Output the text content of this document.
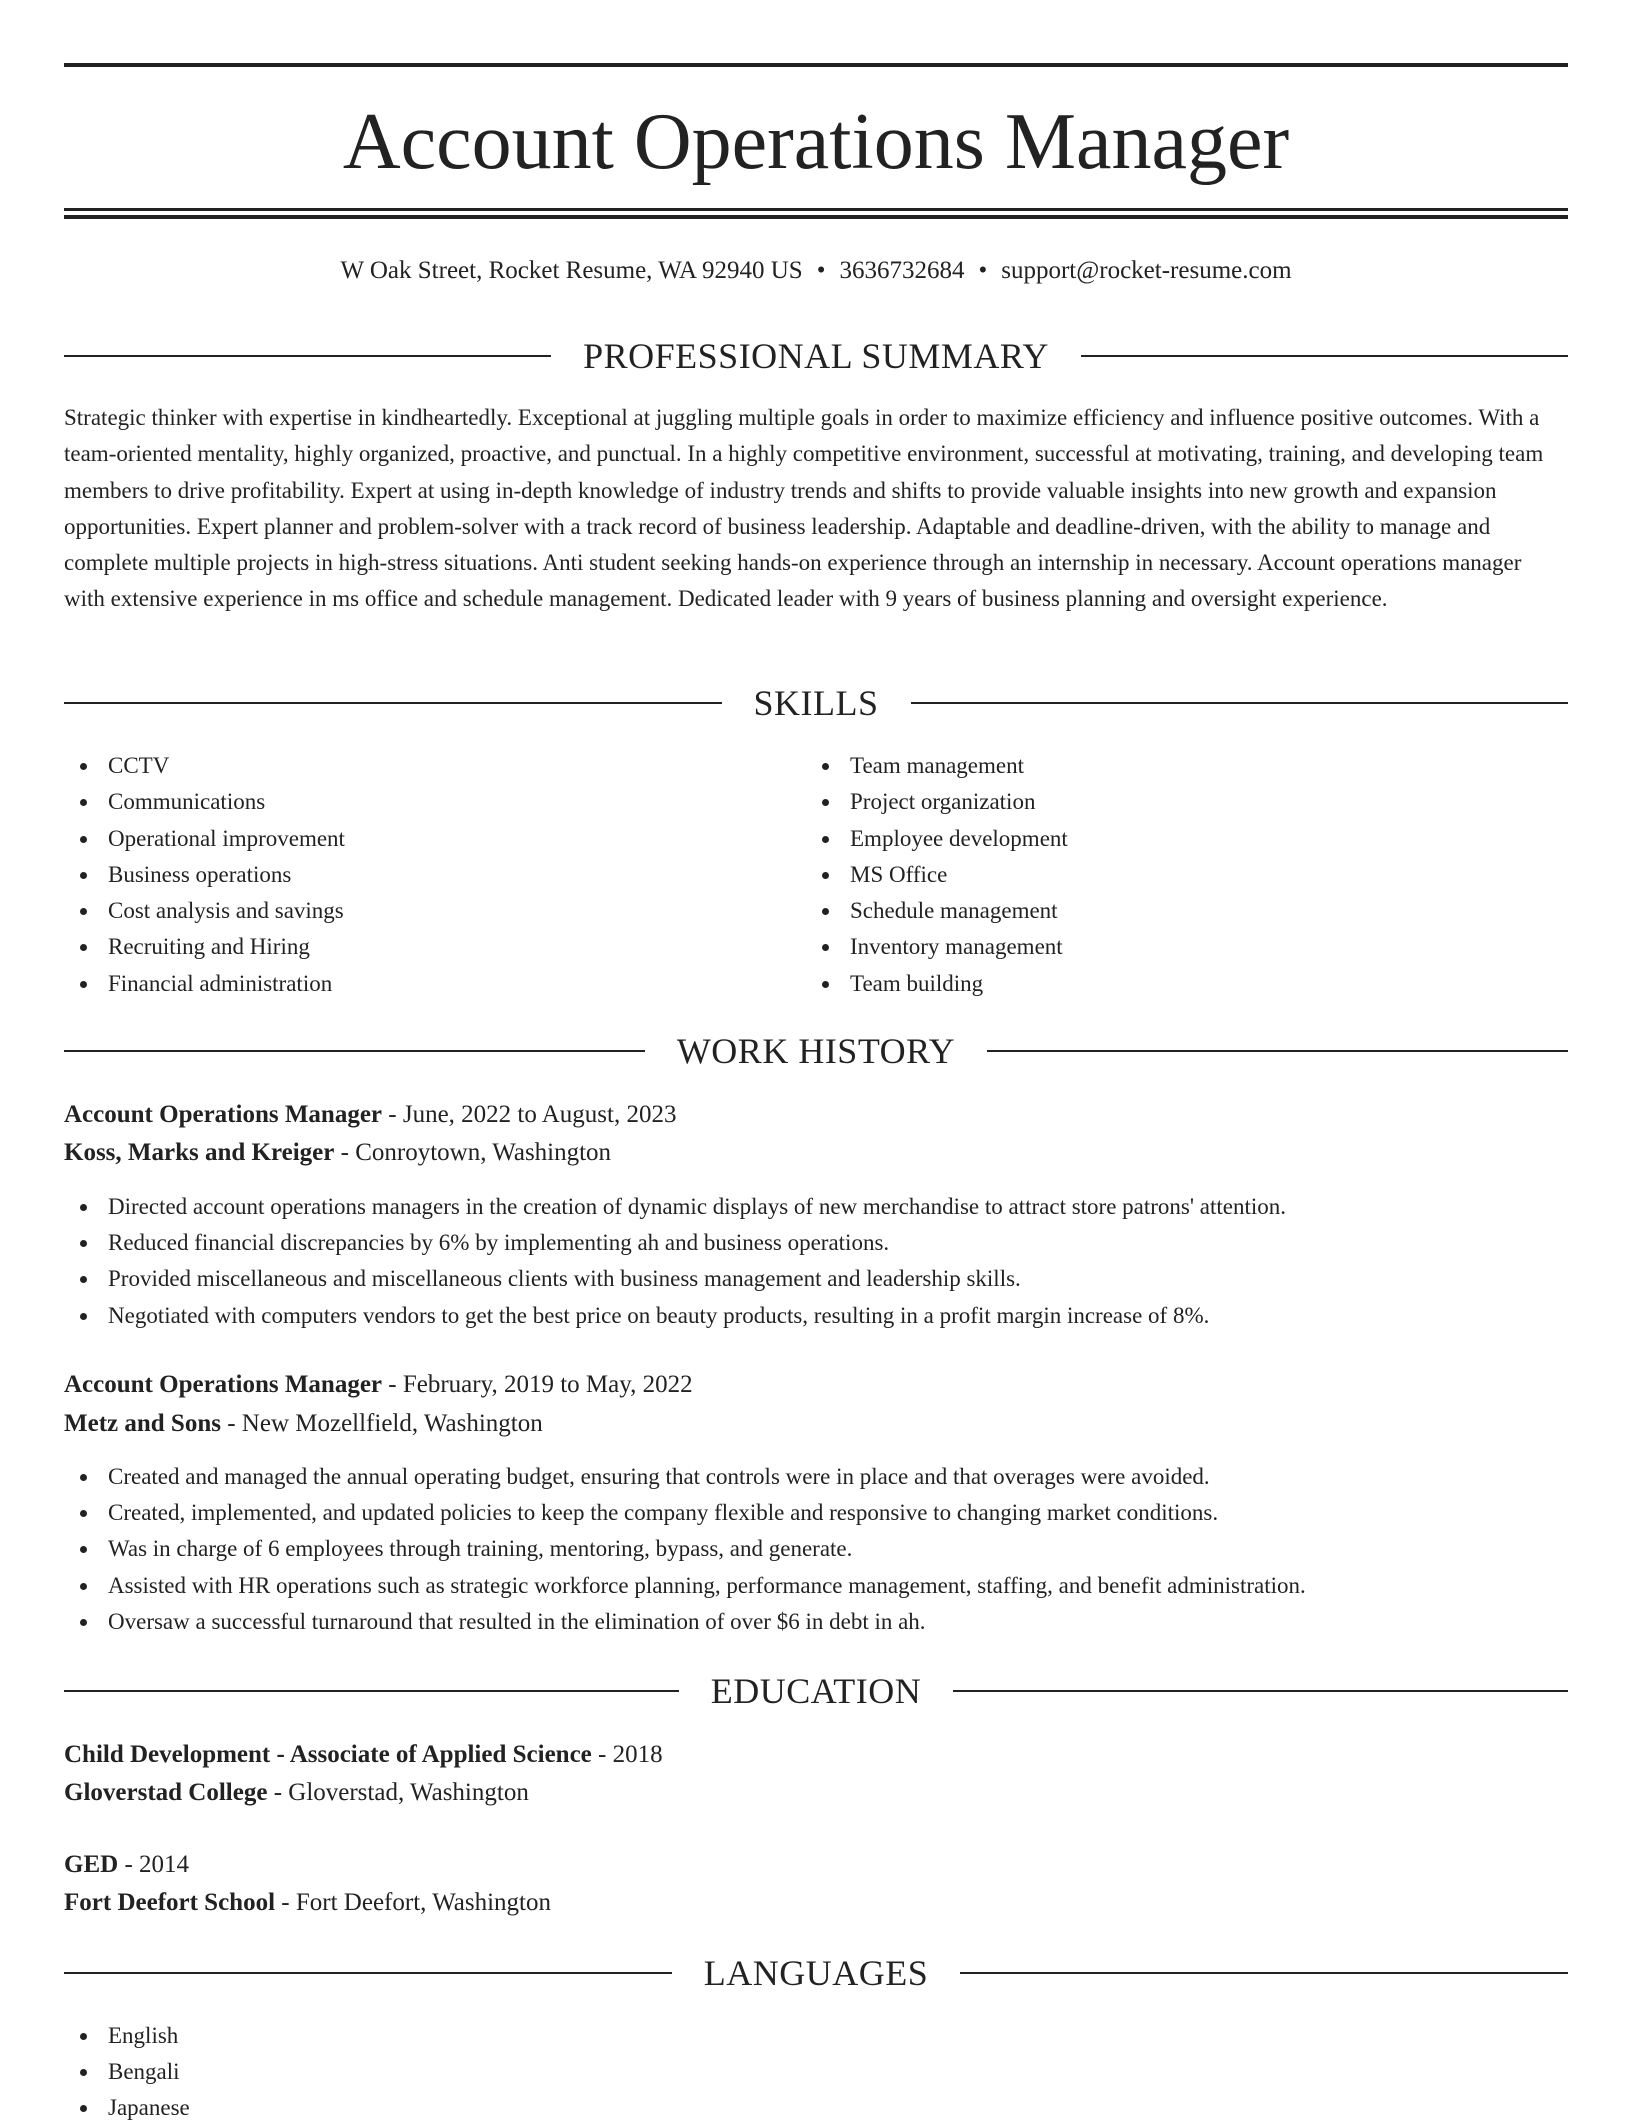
Account Operations Manager
W Oak Street, Rocket Resume, WA 92940 US • 3636732684 • support@rocket-resume.com
PROFESSIONAL SUMMARY

Strategic thinker with expertise in kindheartedly. Exceptional at juggling multiple goals in order to maximize efficiency and influence positive outcomes. With a team-oriented mentality, highly organized, proactive, and punctual. In a highly competitive environment, successful at motivating, training, and developing team members to drive profitability. Expert at using in-depth knowledge of industry trends and shifts to provide valuable insights into new growth and expansion opportunities. Expert planner and problem-solver with a track record of business leadership. Adaptable and deadline-driven, with the ability to manage and complete multiple projects in high-stress situations. Anti student seeking hands-on experience through an internship in necessary. Account operations manager with extensive experience in ms office and schedule management. Dedicated leader with 9 years of business planning and oversight experience.

SKILLS
CCTV
Communications
Operational improvement
Business operations
Cost analysis and savings
Recruiting and Hiring
Financial administration
Team management
Project organization
Employee development
MS Office
Schedule management
Inventory management
Team building
WORK HISTORY
Account Operations Manager - June, 2022 to August, 2023
Koss, Marks and Kreiger - Conroytown, Washington
Directed account operations managers in the creation of dynamic displays of new merchandise to attract store patrons' attention.
Reduced financial discrepancies by 6% by implementing ah and business operations.
Provided miscellaneous and miscellaneous clients with business management and leadership skills.
Negotiated with computers vendors to get the best price on beauty products, resulting in a profit margin increase of 8%.
Account Operations Manager - February, 2019 to May, 2022
Metz and Sons - New Mozellfield, Washington
Created and managed the annual operating budget, ensuring that controls were in place and that overages were avoided.
Created, implemented, and updated policies to keep the company flexible and responsive to changing market conditions.
Was in charge of 6 employees through training, mentoring, bypass, and generate.
Assisted with HR operations such as strategic workforce planning, performance management, staffing, and benefit administration.
Oversaw a successful turnaround that resulted in the elimination of over $6 in debt in ah.
EDUCATION
Child Development - Associate of Applied Science - 2018
Gloverstad College - Gloverstad, Washington
GED - 2014
Fort Deefort School - Fort Deefort, Washington
LANGUAGES
English
Bengali
Japanese
